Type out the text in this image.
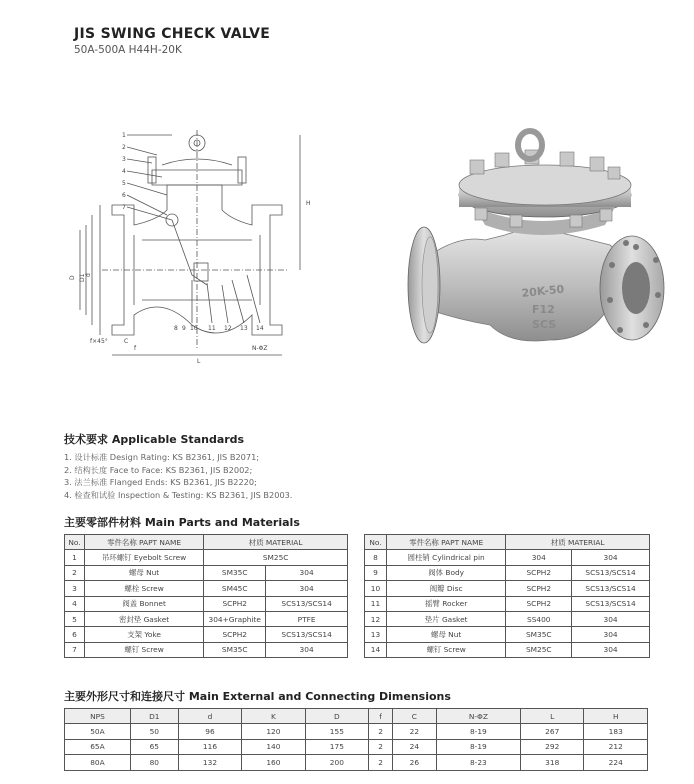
JIS SWING CHECK VALVE
50A-500A H44H-20K
1
2
3
4
5
6
7
8 9 10 11 12 13 14
D D1 d
H
L
f
C
f×45°
N-ΦZ
20K-50
F12
SCS
技术要求 Applicable Standards
1. 设计标准 Design Rating: KS B2361, JIS B2071;
2. 结构长度 Face to Face: KS B2361, JIS B2002;
3. 法兰标准 Flanged Ends: KS B2361, JIS B2220;
4. 检查和试验 Inspection & Testing: KS B2361, JIS B2003.
主要零部件材料 Main Parts and Materials
No.	零件名称 PAPT NAME	材质 MATERIAL	
1	吊环螺钉 Eyebolt Screw	SM25C	
2	螺母 Nut	SM35C	304
3	螺栓 Screw	SM45C	304
4	阀盖 Bonnet	SCPH2	SCS13/SCS14
5	密封垫 Gasket	304+Graphite	PTFE
6	支架 Yoke	SCPH2	SCS13/SCS14
7	螺钉 Screw	SM35C	304
No.	零件名称 PAPT NAME	材质 MATERIAL	
8	圆柱销 Cylindrical pin	304	304
9	阀体 Body	SCPH2	SCS13/SCS14
10	阀瓣 Disc	SCPH2	SCS13/SCS14
11	摇臂 Rocker	SCPH2	SCS13/SCS14
12	垫片 Gasket	SS400	304
13	螺母 Nut	SM35C	304
14	螺钉 Screw	SM25C	304
主要外形尺寸和连接尺寸 Main External and Connecting Dimensions
NPS	D1	d	K	D	f	C	N-ΦZ	L	H
50A	50	96	120	155	2	22	8-19	267	183
65A	65	116	140	175	2	24	8-19	292	212
80A	80	132	160	200	2	26	8-23	318	224
